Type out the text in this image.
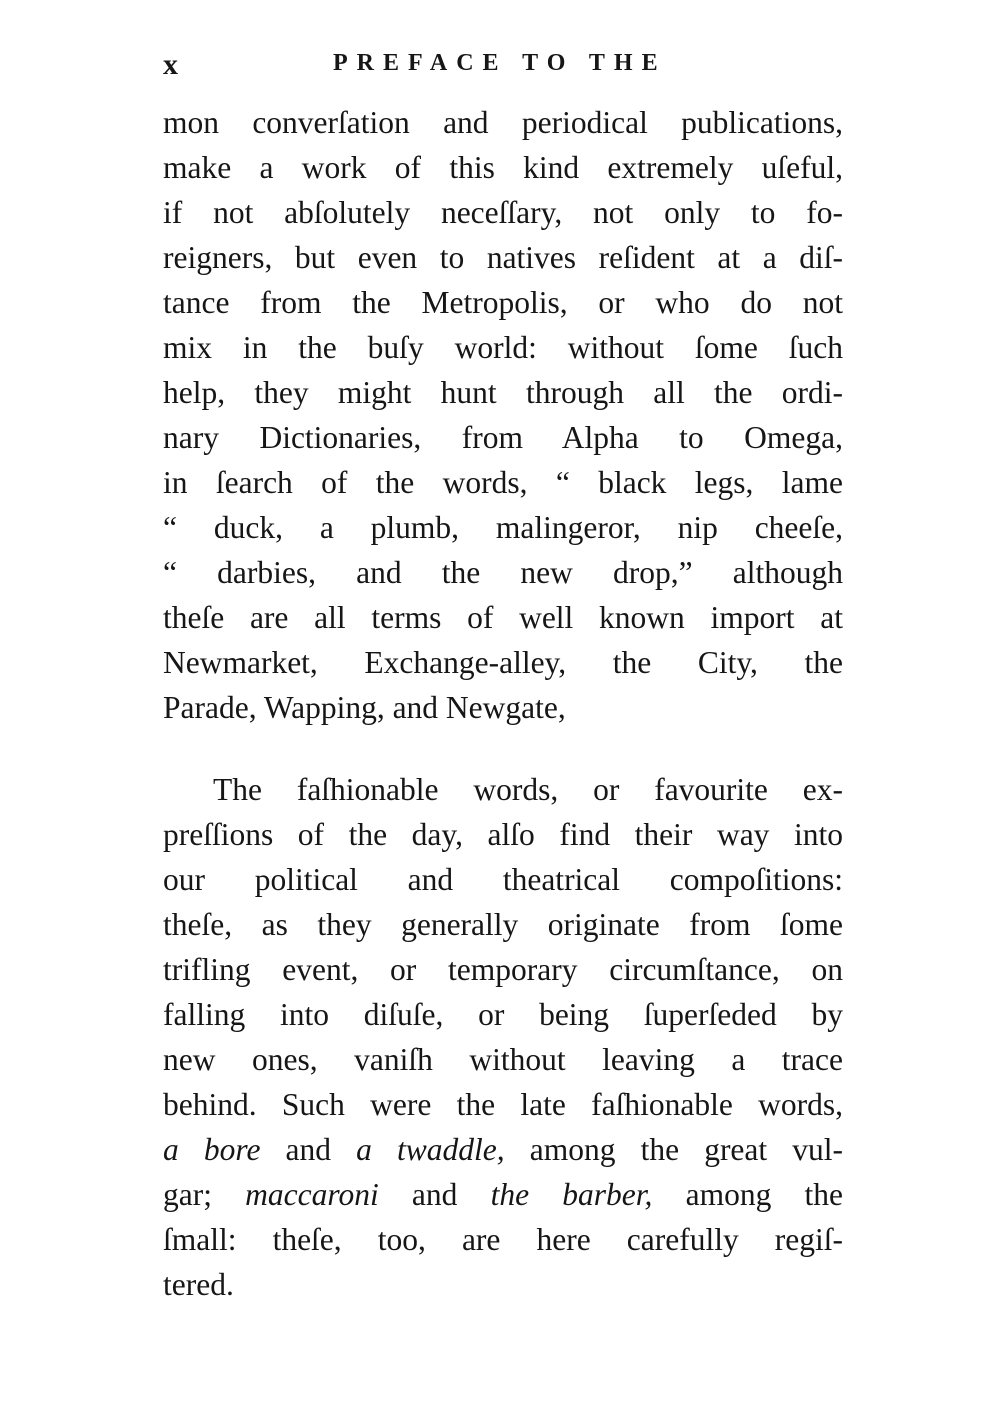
x	PREFACE TO THE
mon converſation and periodical publications,
make a work of this kind extremely uſeful,
if not abſolutely neceſſary, not only to fo-
reigners, but even to natives reſident at a diſ-
tance from the Metropolis, or who do not
mix in the buſy world: without ſome ſuch
help, they might hunt through all the ordi-
nary Dictionaries, from Alpha to Omega,
in ſearch of the words, “ black legs, lame
“ duck, a plumb, malingeror, nip cheeſe,
“ darbies, and the new drop,” although
theſe are all terms of well known import at
Newmarket, Exchange-alley, the City, the
Parade, Wapping, and Newgate,
The faſhionable words, or favourite ex-
preſſions of the day, alſo find their way into
our political and theatrical compoſitions:
theſe, as they generally originate from ſome
trifling event, or temporary circumſtance, on
falling into diſuſe, or being ſuperſeded by
new ones, vaniſh without leaving a trace
behind. Such were the late faſhionable words,
a bore and a twaddle, among the great vul-
gar; maccaroni and the barber, among the
ſmall: theſe, too, are here carefully regiſ-
tered.
